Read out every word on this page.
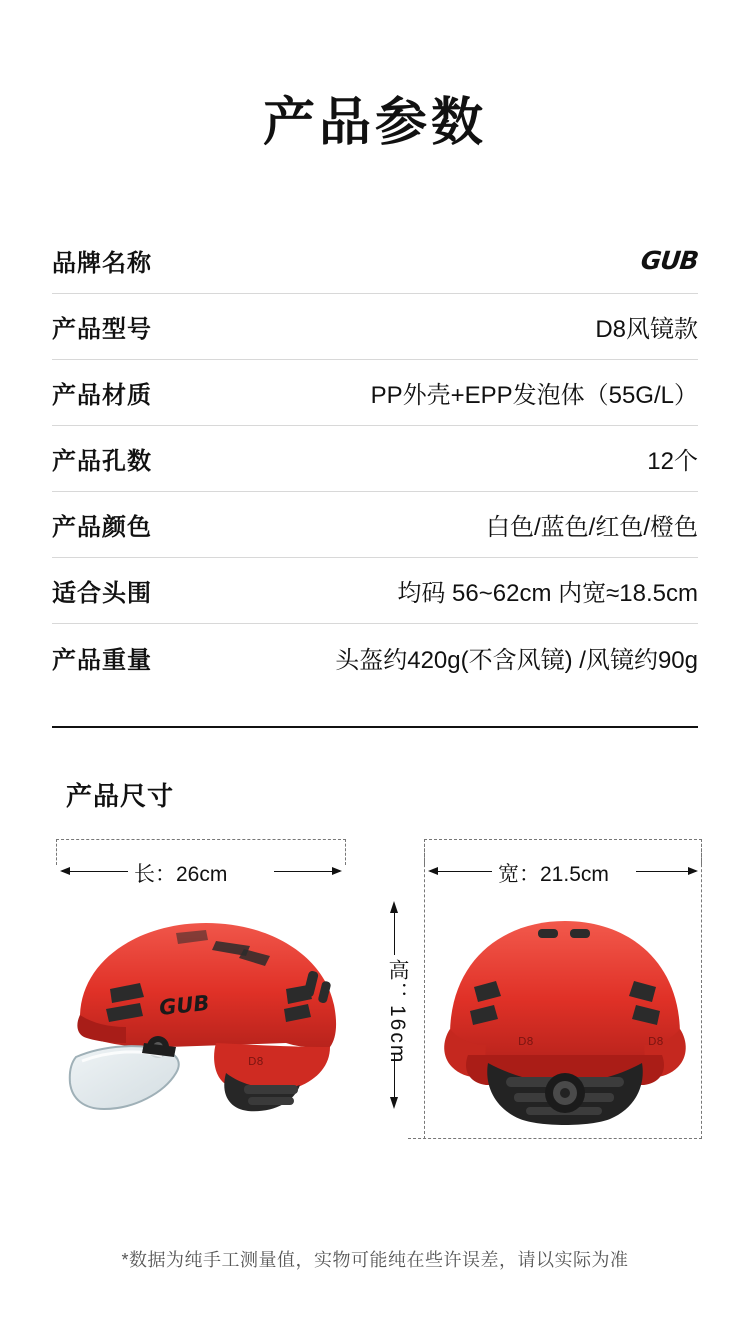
产品参数
品牌名称	GUB
产品型号	D8风镜款
产品材质	PP外壳+EPP发泡体（55G/L）
产品孔数	12个
产品颜色	白色/蓝色/红色/橙色
适合头围	均码 56~62cm 内宽≈18.5cm
产品重量	头盔约420g(不含风镜) /风镜约90g
产品尺寸
长：26cm
GUB
D8
宽：21.5cm
高：16cm	D8	D8
*数据为纯手工测量值，实物可能纯在些许误差，请以实际为准
